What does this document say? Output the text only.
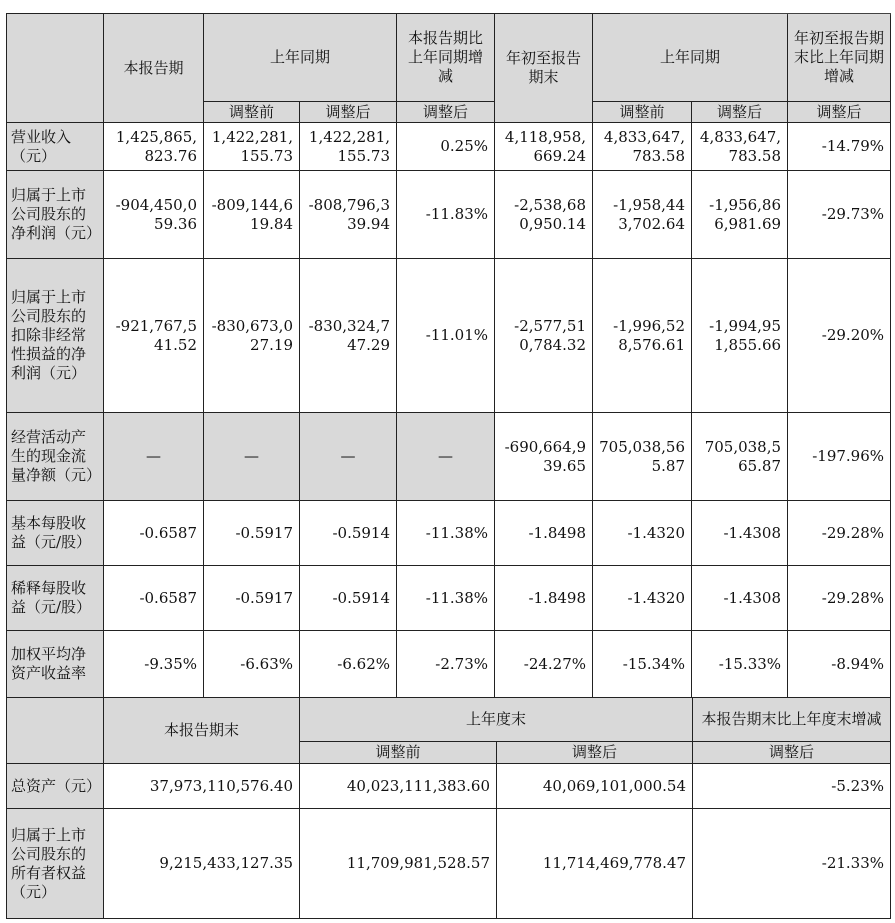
	本报告期	上年同期		本报告期比上年同期增减	年初至报告期末	上年同期		年初至报告期末比上年同期增减
		调整前	调整后	调整后		调整前	调整后	调整后
营业收入（元）	1,425,865,823.76	1,422,281,155.73	1,422,281,155.73	0.25%	4,118,958,669.24	4,833,647,783.58	4,833,647,783.58	-14.79%
归属于上市公司股东的净利润（元）	-904,450,059.36	-809,144,619.84	-808,796,339.94	-11.83%	-2,538,680,950.14	-1,958,443,702.64	-1,956,866,981.69	-29.73%
归属于上市公司股东的扣除非经常性损益的净利润（元）	-921,767,541.52	-830,673,027.19	-830,324,747.29	-11.01%	-2,577,510,784.32	-1,996,528,576.61	-1,994,951,855.66	-29.20%
经营活动产生的现金流量净额（元）	—	—	—	—	-690,664,939.65	705,038,565.87	705,038,565.87	-197.96%
基本每股收益（元/股）	-0.6587	-0.5917	-0.5914	-11.38%	-1.8498	-1.4320	-1.4308	-29.28%
稀释每股收益（元/股）	-0.6587	-0.5917	-0.5914	-11.38%	-1.8498	-1.4320	-1.4308	-29.28%
加权平均净资产收益率	-9.35%	-6.63%	-6.62%	-2.73%	-24.27%	-15.34%	-15.33%	-8.94%
	本报告期末	上年度末		本报告期末比上年度末增减
		调整前	调整后	调整后
总资产（元）	37,973,110,576.40	40,023,111,383.60	40,069,101,000.54	-5.23%
归属于上市公司股东的所有者权益（元）	9,215,433,127.35	11,709,981,528.57	11,714,469,778.47	-21.33%
